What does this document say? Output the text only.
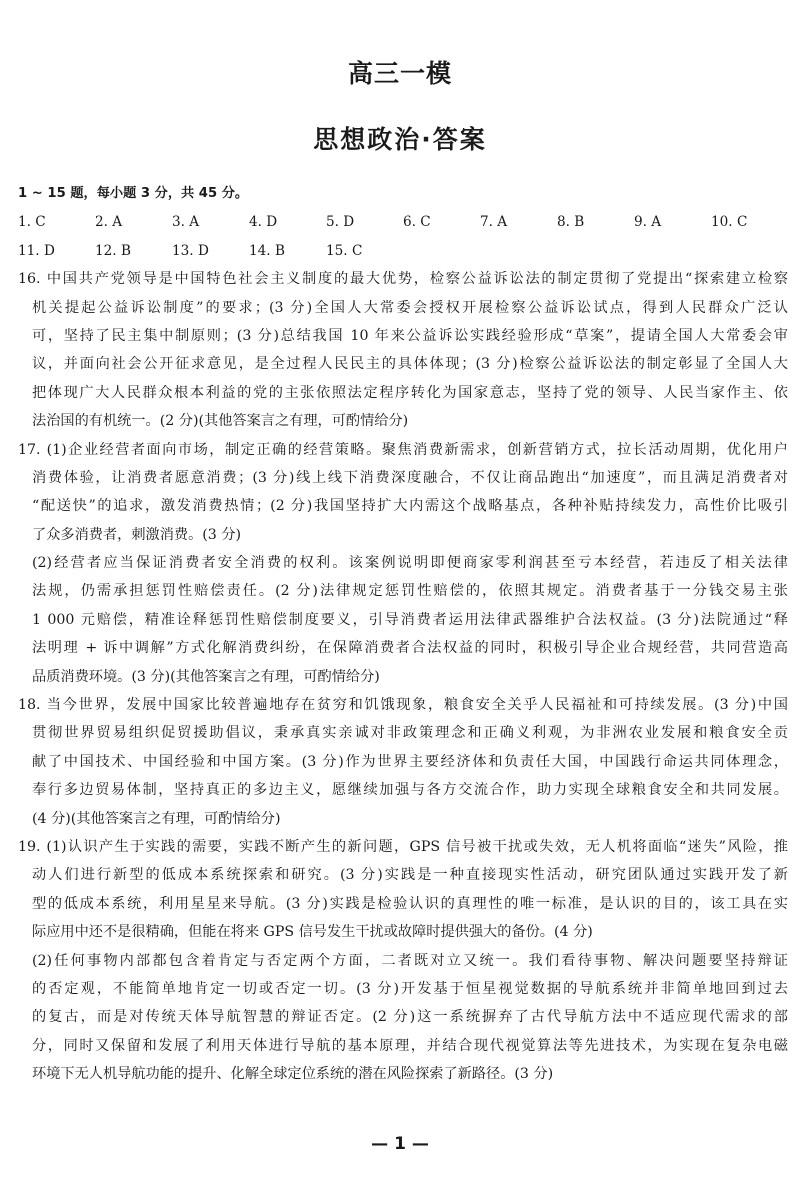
高三一模
思想政治·答案
1 ~ 15 题，每小题 3 分，共 45 分。
1. C	2. A	3. A	4. D	5. D	6. C	7. A	8. B	9. A	10. C
11. D	12. B	13. D	14. B	15. C
16. 中国共产党领导是中国特色社会主义制度的最大优势，检察公益诉讼法的制定贯彻了党提出“探索建立检察
机关提起公益诉讼制度”的要求；(3 分)全国人大常委会授权开展检察公益诉讼试点，得到人民群众广泛认
可，坚持了民主集中制原则；(3 分)总结我国 10 年来公益诉讼实践经验形成“草案”，提请全国人大常委会审
议，并面向社会公开征求意见，是全过程人民民主的具体体现；(3 分)检察公益诉讼法的制定彰显了全国人大
把体现广大人民群众根本利益的党的主张依照法定程序转化为国家意志，坚持了党的领导、人民当家作主、依
法治国的有机统一。(2 分)(其他答案言之有理，可酌情给分)
17. (1)企业经营者面向市场，制定正确的经营策略。聚焦消费新需求，创新营销方式，拉长活动周期，优化用户
消费体验，让消费者愿意消费；(3 分)线上线下消费深度融合，不仅让商品跑出“加速度”，而且满足消费者对
“配送快”的追求，激发消费热情；(2 分)我国坚持扩大内需这个战略基点，各种补贴持续发力，高性价比吸引
了众多消费者，刺激消费。(3 分)
(2)经营者应当保证消费者安全消费的权利。该案例说明即便商家零利润甚至亏本经营，若违反了相关法律
法规，仍需承担惩罚性赔偿责任。(2 分)法律规定惩罚性赔偿的，依照其规定。消费者基于一分钱交易主张
1 000 元赔偿，精准诠释惩罚性赔偿制度要义，引导消费者运用法律武器维护合法权益。(3 分)法院通过“释
法明理 + 诉中调解”方式化解消费纠纷，在保障消费者合法权益的同时，积极引导企业合规经营，共同营造高
品质消费环境。(3 分)(其他答案言之有理，可酌情给分)
18. 当今世界，发展中国家比较普遍地存在贫穷和饥饿现象，粮食安全关乎人民福祉和可持续发展。(3 分)中国
贯彻世界贸易组织促贸援助倡议，秉承真实亲诚对非政策理念和正确义利观，为非洲农业发展和粮食安全贡
献了中国技术、中国经验和中国方案。(3 分)作为世界主要经济体和负责任大国，中国践行命运共同体理念，
奉行多边贸易体制，坚持真正的多边主义，愿继续加强与各方交流合作，助力实现全球粮食安全和共同发展。
(4 分)(其他答案言之有理，可酌情给分)
19. (1)认识产生于实践的需要，实践不断产生的新问题，GPS 信号被干扰或失效，无人机将面临“迷失”风险，推
动人们进行新型的低成本系统探索和研究。(3 分)实践是一种直接现实性活动，研究团队通过实践开发了新
型的低成本系统，利用星星来导航。(3 分)实践是检验认识的真理性的唯一标准，是认识的目的，该工具在实
际应用中还不是很精确，但能在将来 GPS 信号发生干扰或故障时提供强大的备份。(4 分)
(2)任何事物内部都包含着肯定与否定两个方面，二者既对立又统一。我们看待事物、解决问题要坚持辩证
的否定观，不能简单地肯定一切或否定一切。(3 分)开发基于恒星视觉数据的导航系统并非简单地回到过去
的复古，而是对传统天体导航智慧的辩证否定。(2 分)这一系统摒弃了古代导航方法中不适应现代需求的部
分，同时又保留和发展了利用天体进行导航的基本原理，并结合现代视觉算法等先进技术，为实现在复杂电磁
环境下无人机导航功能的提升、化解全球定位系统的潜在风险探索了新路径。(3 分)
— 1 —
